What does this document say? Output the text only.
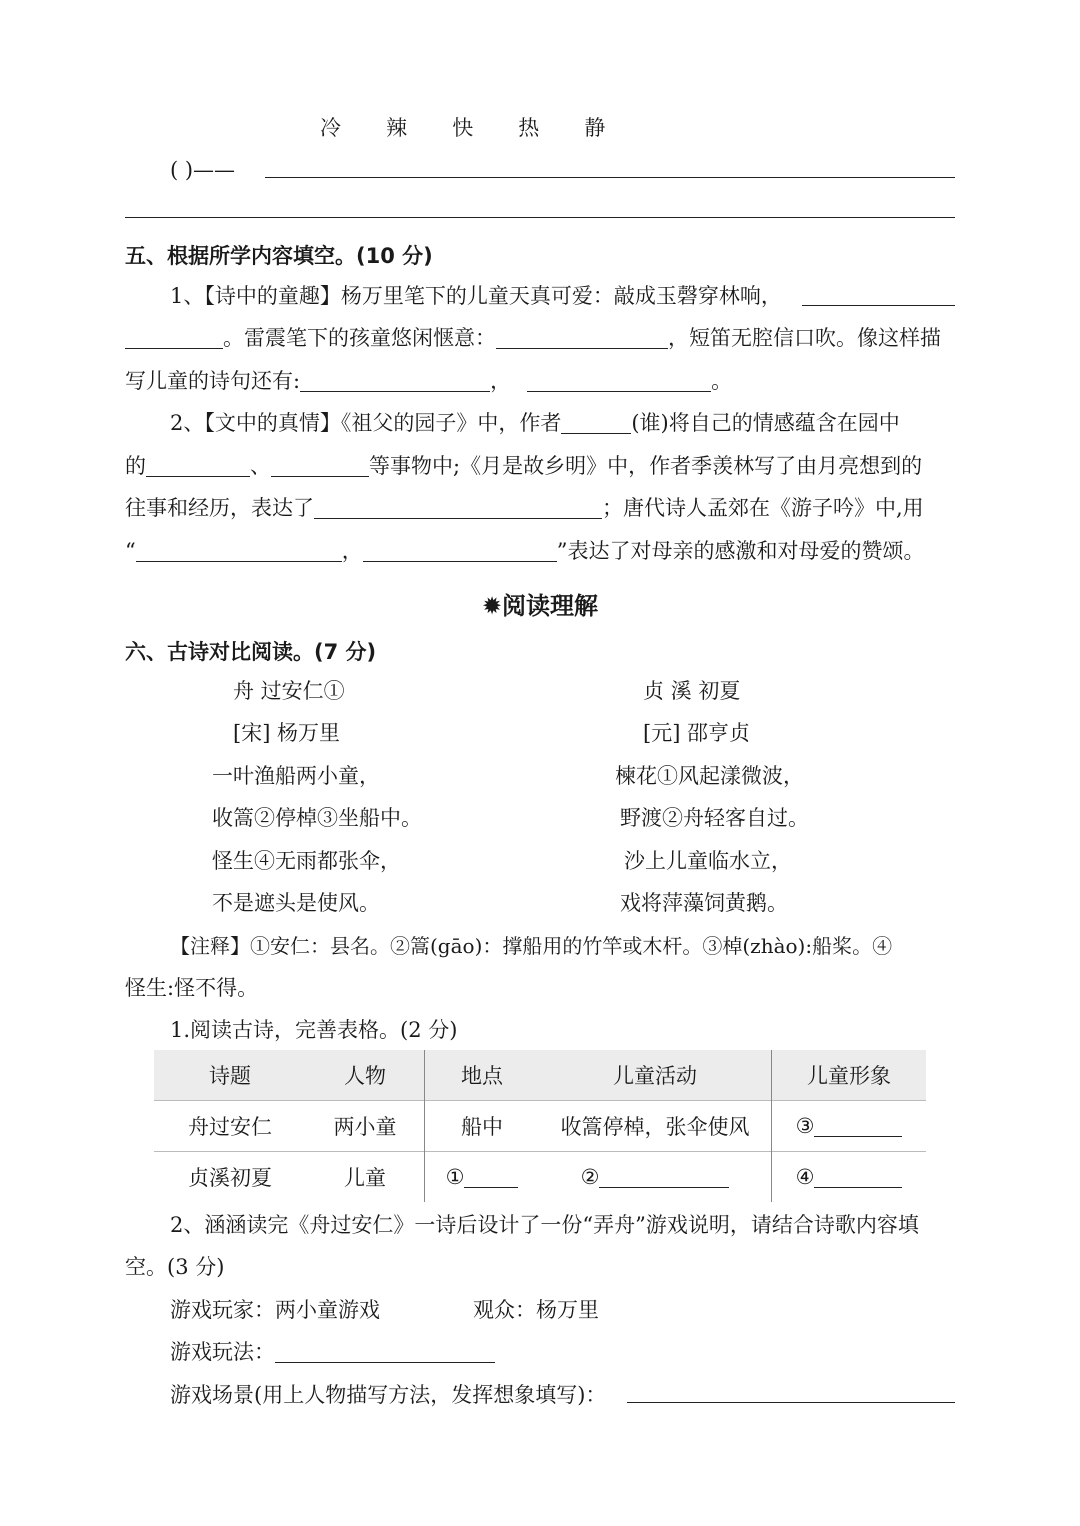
冷 辣 快 热 静
( )——
五、根据所学内容填空。(10 分)
1、【诗中的童趣】杨万里笔下的儿童天真可爱：敲成玉磬穿林响，
。雷震笔下的孩童悠闲惬意：	，短笛无腔信口吹。像这样描
写儿童的诗句还有:	，	。
2、【文中的真情】《祖父的园子》中，作者	(谁)将自己的情感蕴含在园中
的	、	等事物中;《月是故乡明》中，作者季羡林写了由月亮想到的
往事和经历，表达了	；唐代诗人孟郊在《游子吟》中,用
“	，	”表达了对母亲的感激和对母爱的赞颂。
✹阅读理解
六、古诗对比阅读。(7 分)
舟 过安仁①
[宋] 杨万里
一叶渔船两小童，
收篙②停棹③坐船中。
怪生④无雨都张伞，
不是遮头是使风。
贞 溪 初夏
[元] 邵亨贞
楝花①风起漾微波，
野渡②舟轻客自过。
沙上儿童临水立，
戏将萍藻饲黄鹅。
【注释】①安仁：县名。②篙(gāo)：撑船用的竹竿或木杆。③棹(zhào):船桨。④
怪生:怪不得。
1.阅读古诗，完善表格。(2 分)
诗题	人物	地点	儿童活动	儿童形象
舟过安仁	两小童	船中	收篙停棹，张伞使风	③
贞溪初夏	儿童	①	②	④
2、涵涵读完《舟过安仁》一诗后设计了一份“弄舟”游戏说明，请结合诗歌内容填
空。(3 分)
游戏玩家：两小童游戏	观众：杨万里
游戏玩法：
游戏场景(用上人物描写方法，发挥想象填写)：
